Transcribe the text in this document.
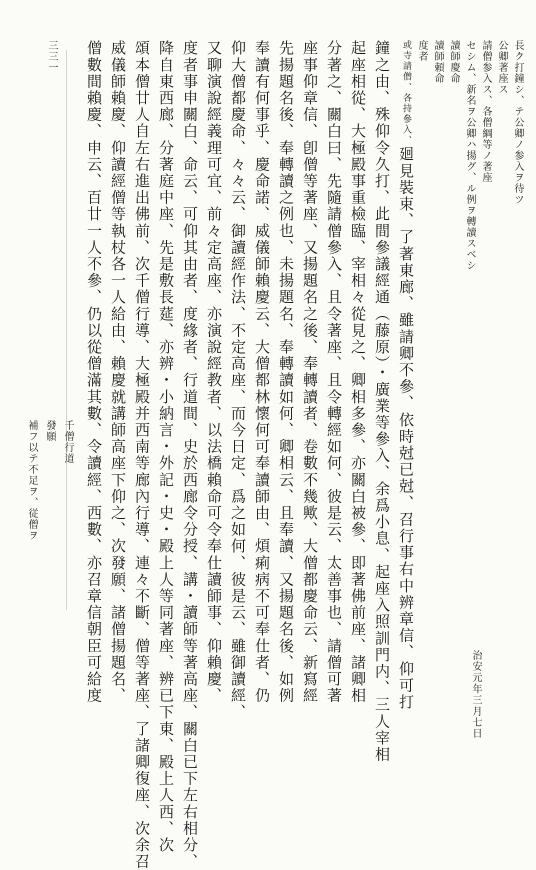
三三一
治安元年三月七日
或寺請僧、各持參入、廻見裝束、了著東廊、雖請卿不參、依時尅已尅、召行事右中辨章信、仰可打
鐘之由、殊仰令久打、此間參議經通（藤原）・廣業等參入、余爲小息、起座入照訓門内、三人宰相
起座相從、大極殿事重檢臨、宰相々從見之、卿相多參、亦關白被參、即著佛前座、諸卿相
分著之、關白曰、先隨請僧參入、且令著座、且令轉經如何、彼是云、太善事也、請僧可著
座事仰章信、卽僧等著座、又揚題名之後、奉轉讀者、卷數不幾歟、大僧都慶命云、新寫經
先揚題名後、奉轉讀之例也、未揚題名、奉轉讀如何、卿相云、且奉讀、又揚題名後、如例
奉讀有何事乎、慶命諾、威儀師賴慶云、大僧都林懷何可奉讀師由、煩痢病不可奉仕者、仍
仰大僧都慶命、々々云、御讀經作法、不定高座、而今日定、爲之如何、彼是云、雖御讀經、
又聊演說經義理可宜、前々定高座、亦演說經教者、以法橋賴命可令奉仕讀師事、仰賴慶、
度者事申關白、命云、可仰其由者、度緣者、行道間、史於西廊令分授、講・讀師等著高座、關白已下左右相分、
降自東西廊、分著庭中座、先是敷長莚、亦辨・小納言・外記・史・殿上人等同著座、辨已下東、殿上人西、次
頌本僧廿人自左右進出佛前、次千僧行導、大極殿并西南等廊內行導、連々不斷、僧等著座、了諸卿復座、次余召
威儀師賴慶、仰讀經僧等執杖各一人給由、賴慶就講師高座下仰之、次發願、諸僧揚題名、
僧數間賴慶、申云、百廿一人不參、仍以從僧滿其數、令讀經、西數、亦召章信朝臣可給度	長ク打鐘シ、テ公卿ノ参入ヲ待ツ
公卿著座ス
請僧参入ス、各僧綱等ノ著座
セシム、新名ヲ公卿ハ揚グ、ル例ヲ轉讀スベシ
讀師慶命
讀師頼命
度者
千僧行道
發願
補フ以テ不足ヲ、従僧ヲ
